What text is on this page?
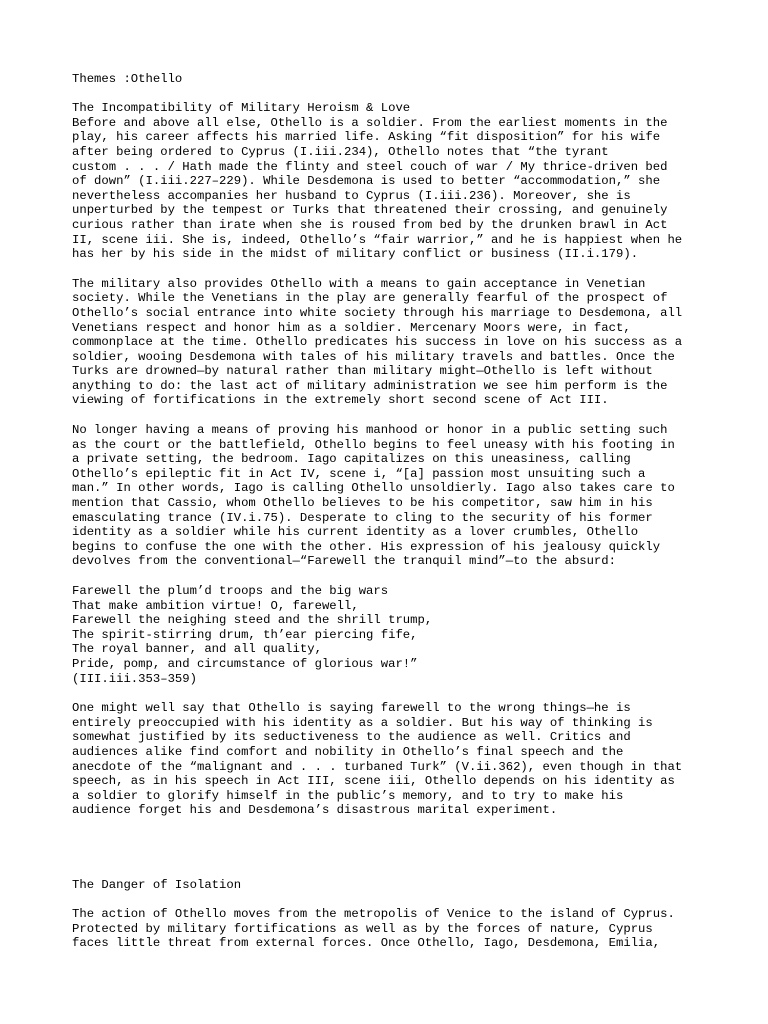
Themes :Othello
The Incompatibility of Military Heroism & Love
Before and above all else, Othello is a soldier. From the earliest moments in the
play, his career affects his married life. Asking “fit disposition” for his wife
after being ordered to Cyprus (I.iii.234), Othello notes that “the tyrant
custom . . . / Hath made the flinty and steel couch of war / My thrice-driven bed
of down” (I.iii.227–229). While Desdemona is used to better “accommodation,” she
nevertheless accompanies her husband to Cyprus (I.iii.236). Moreover, she is
unperturbed by the tempest or Turks that threatened their crossing, and genuinely
curious rather than irate when she is roused from bed by the drunken brawl in Act
II, scene iii. She is, indeed, Othello’s “fair warrior,” and he is happiest when he
has her by his side in the midst of military conflict or business (II.i.179).
The military also provides Othello with a means to gain acceptance in Venetian
society. While the Venetians in the play are generally fearful of the prospect of
Othello’s social entrance into white society through his marriage to Desdemona, all
Venetians respect and honor him as a soldier. Mercenary Moors were, in fact,
commonplace at the time. Othello predicates his success in love on his success as a
soldier, wooing Desdemona with tales of his military travels and battles. Once the
Turks are drowned—by natural rather than military might—Othello is left without
anything to do: the last act of military administration we see him perform is the
viewing of fortifications in the extremely short second scene of Act III.
No longer having a means of proving his manhood or honor in a public setting such
as the court or the battlefield, Othello begins to feel uneasy with his footing in
a private setting, the bedroom. Iago capitalizes on this uneasiness, calling
Othello’s epileptic fit in Act IV, scene i, “[a] passion most unsuiting such a
man.” In other words, Iago is calling Othello unsoldierly. Iago also takes care to
mention that Cassio, whom Othello believes to be his competitor, saw him in his
emasculating trance (IV.i.75). Desperate to cling to the security of his former
identity as a soldier while his current identity as a lover crumbles, Othello
begins to confuse the one with the other. His expression of his jealousy quickly
devolves from the conventional—“Farewell the tranquil mind”—to the absurd:
Farewell the plum’d troops and the big wars
That make ambition virtue! O, farewell,
Farewell the neighing steed and the shrill trump,
The spirit-stirring drum, th’ear piercing fife,
The royal banner, and all quality,
Pride, pomp, and circumstance of glorious war!”
(III.iii.353–359)
One might well say that Othello is saying farewell to the wrong things—he is
entirely preoccupied with his identity as a soldier. But his way of thinking is
somewhat justified by its seductiveness to the audience as well. Critics and
audiences alike find comfort and nobility in Othello’s final speech and the
anecdote of the “malignant and . . . turbaned Turk” (V.ii.362), even though in that
speech, as in his speech in Act III, scene iii, Othello depends on his identity as
a soldier to glorify himself in the public’s memory, and to try to make his
audience forget his and Desdemona’s disastrous marital experiment.
The Danger of Isolation
The action of Othello moves from the metropolis of Venice to the island of Cyprus.
Protected by military fortifications as well as by the forces of nature, Cyprus
faces little threat from external forces. Once Othello, Iago, Desdemona, Emilia,
